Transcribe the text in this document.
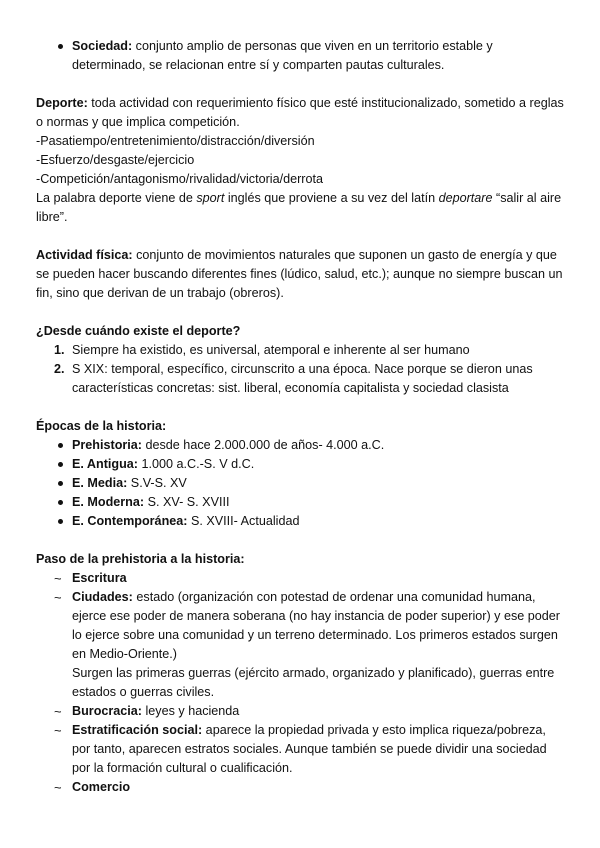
Sociedad: conjunto amplio de personas que viven en un territorio estable y determinado, se relacionan entre sí y comparten pautas culturales.

Deporte: toda actividad con requerimiento físico que esté institucionalizado, sometido a reglas o normas y que implica competición.

-Pasatiempo/entretenimiento/distracción/diversión

-Esfuerzo/desgaste/ejercicio

-Competición/antagonismo/rivalidad/victoria/derrota

La palabra deporte viene de sport inglés que proviene a su vez del latín deportare “salir al aire libre”.

Actividad física: conjunto de movimientos naturales que suponen un gasto de energía y que se pueden hacer buscando diferentes fines (lúdico, salud, etc.); aunque no siempre buscan un fin, sino que derivan de un trabajo (obreros).

¿Desde cuándo existe el deporte?

1. Siempre ha existido, es universal, atemporal e inherente al ser humano
2. S XIX: temporal, específico, circunscrito a una época. Nace porque se dieron unas características concretas: sist. liberal, economía capitalista y sociedad clasista

Épocas de la historia:

Prehistoria: desde hace 2.000.000 de años- 4.000 a.C.
E. Antigua: 1.000 a.C.-S. V d.C.
E. Media: S.V-S. XV
E. Moderna: S. XV- S. XVIII
E. Contemporánea: S. XVIII- Actualidad

Paso de la prehistoria a la historia:

~ Escritura
~ Ciudades: estado (organización con potestad de ordenar una comunidad humana, ejerce ese poder de manera soberana (no hay instancia de poder superior) y ese poder lo ejerce sobre una comunidad y un terreno determinado. Los primeros estados surgen en Medio-Oriente.)
Surgen las primeras guerras (ejército armado, organizado y planificado), guerras entre estados o guerras civiles.
~ Burocracia: leyes y hacienda
~ Estratificación social: aparece la propiedad privada y esto implica riqueza/pobreza, por tanto, aparecen estratos sociales. Aunque también se puede dividir una sociedad por la formación cultural o cualificación.
~ Comercio
